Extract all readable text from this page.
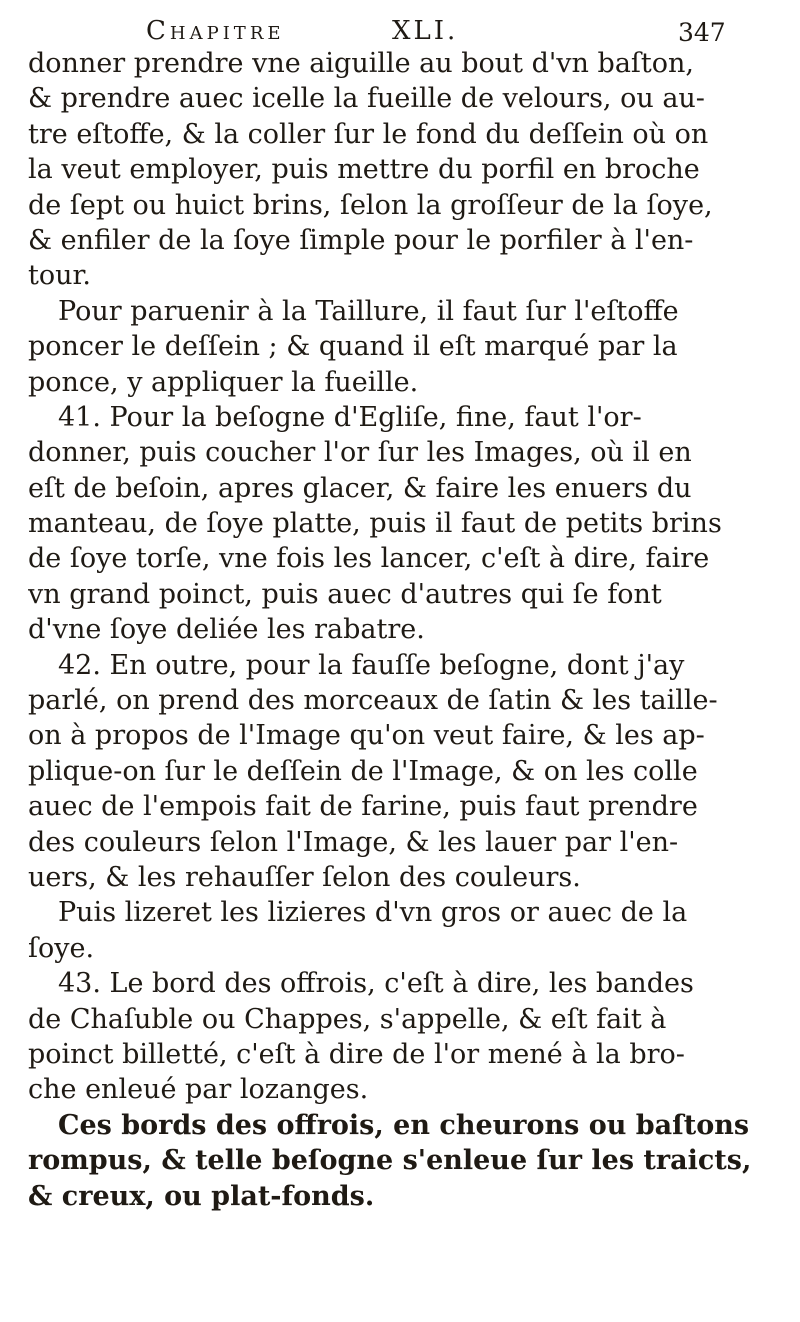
Chapitre	XLI.	347
donner prendre vne aiguille au bout d'vn baſton,
& prendre auec icelle la fueille de velours, ou au-
tre eſtoffe, & la coller ſur le fond du deſſein où on
la veut employer, puis mettre du porfil en broche
de ſept ou huict brins, ſelon la groſſeur de la ſoye,
& enfiler de la ſoye ſimple pour le porfiler à l'en-
tour.
Pour paruenir à la Taillure, il faut ſur l'eſtoffe
poncer le deſſein ; & quand il eſt marqué par la
ponce, y appliquer la fueille.
41. Pour la beſogne d'Egliſe, fine, faut l'or-
donner, puis coucher l'or ſur les Images, où il en
eſt de beſoin, apres glacer, & faire les enuers du
manteau, de ſoye platte, puis il faut de petits brins
de ſoye torſe, vne fois les lancer, c'eſt à dire, faire
vn grand poinct, puis auec d'autres qui ſe font
d'vne ſoye deliée les rabatre.
42. En outre, pour la fauſſe beſogne, dont j'ay
parlé, on prend des morceaux de ſatin & les taille-
on à propos de l'Image qu'on veut faire, & les ap-
plique-on ſur le deſſein de l'Image, & on les colle
auec de l'empois fait de farine, puis faut prendre
des couleurs ſelon l'Image, & les lauer par l'en-
uers, & les rehauſſer ſelon des couleurs.
Puis lizeret les lizieres d'vn gros or auec de la
ſoye.
43. Le bord des offrois, c'eſt à dire, les bandes
de Chaſuble ou Chappes, s'appelle, & eſt fait à
poinct billetté, c'eſt à dire de l'or mené à la bro-
che enleué par lozanges.
Ces bords des offrois, en cheurons ou baſtons
rompus, & telle beſogne s'enleue ſur les traicts,
& creux, ou plat-fonds.
